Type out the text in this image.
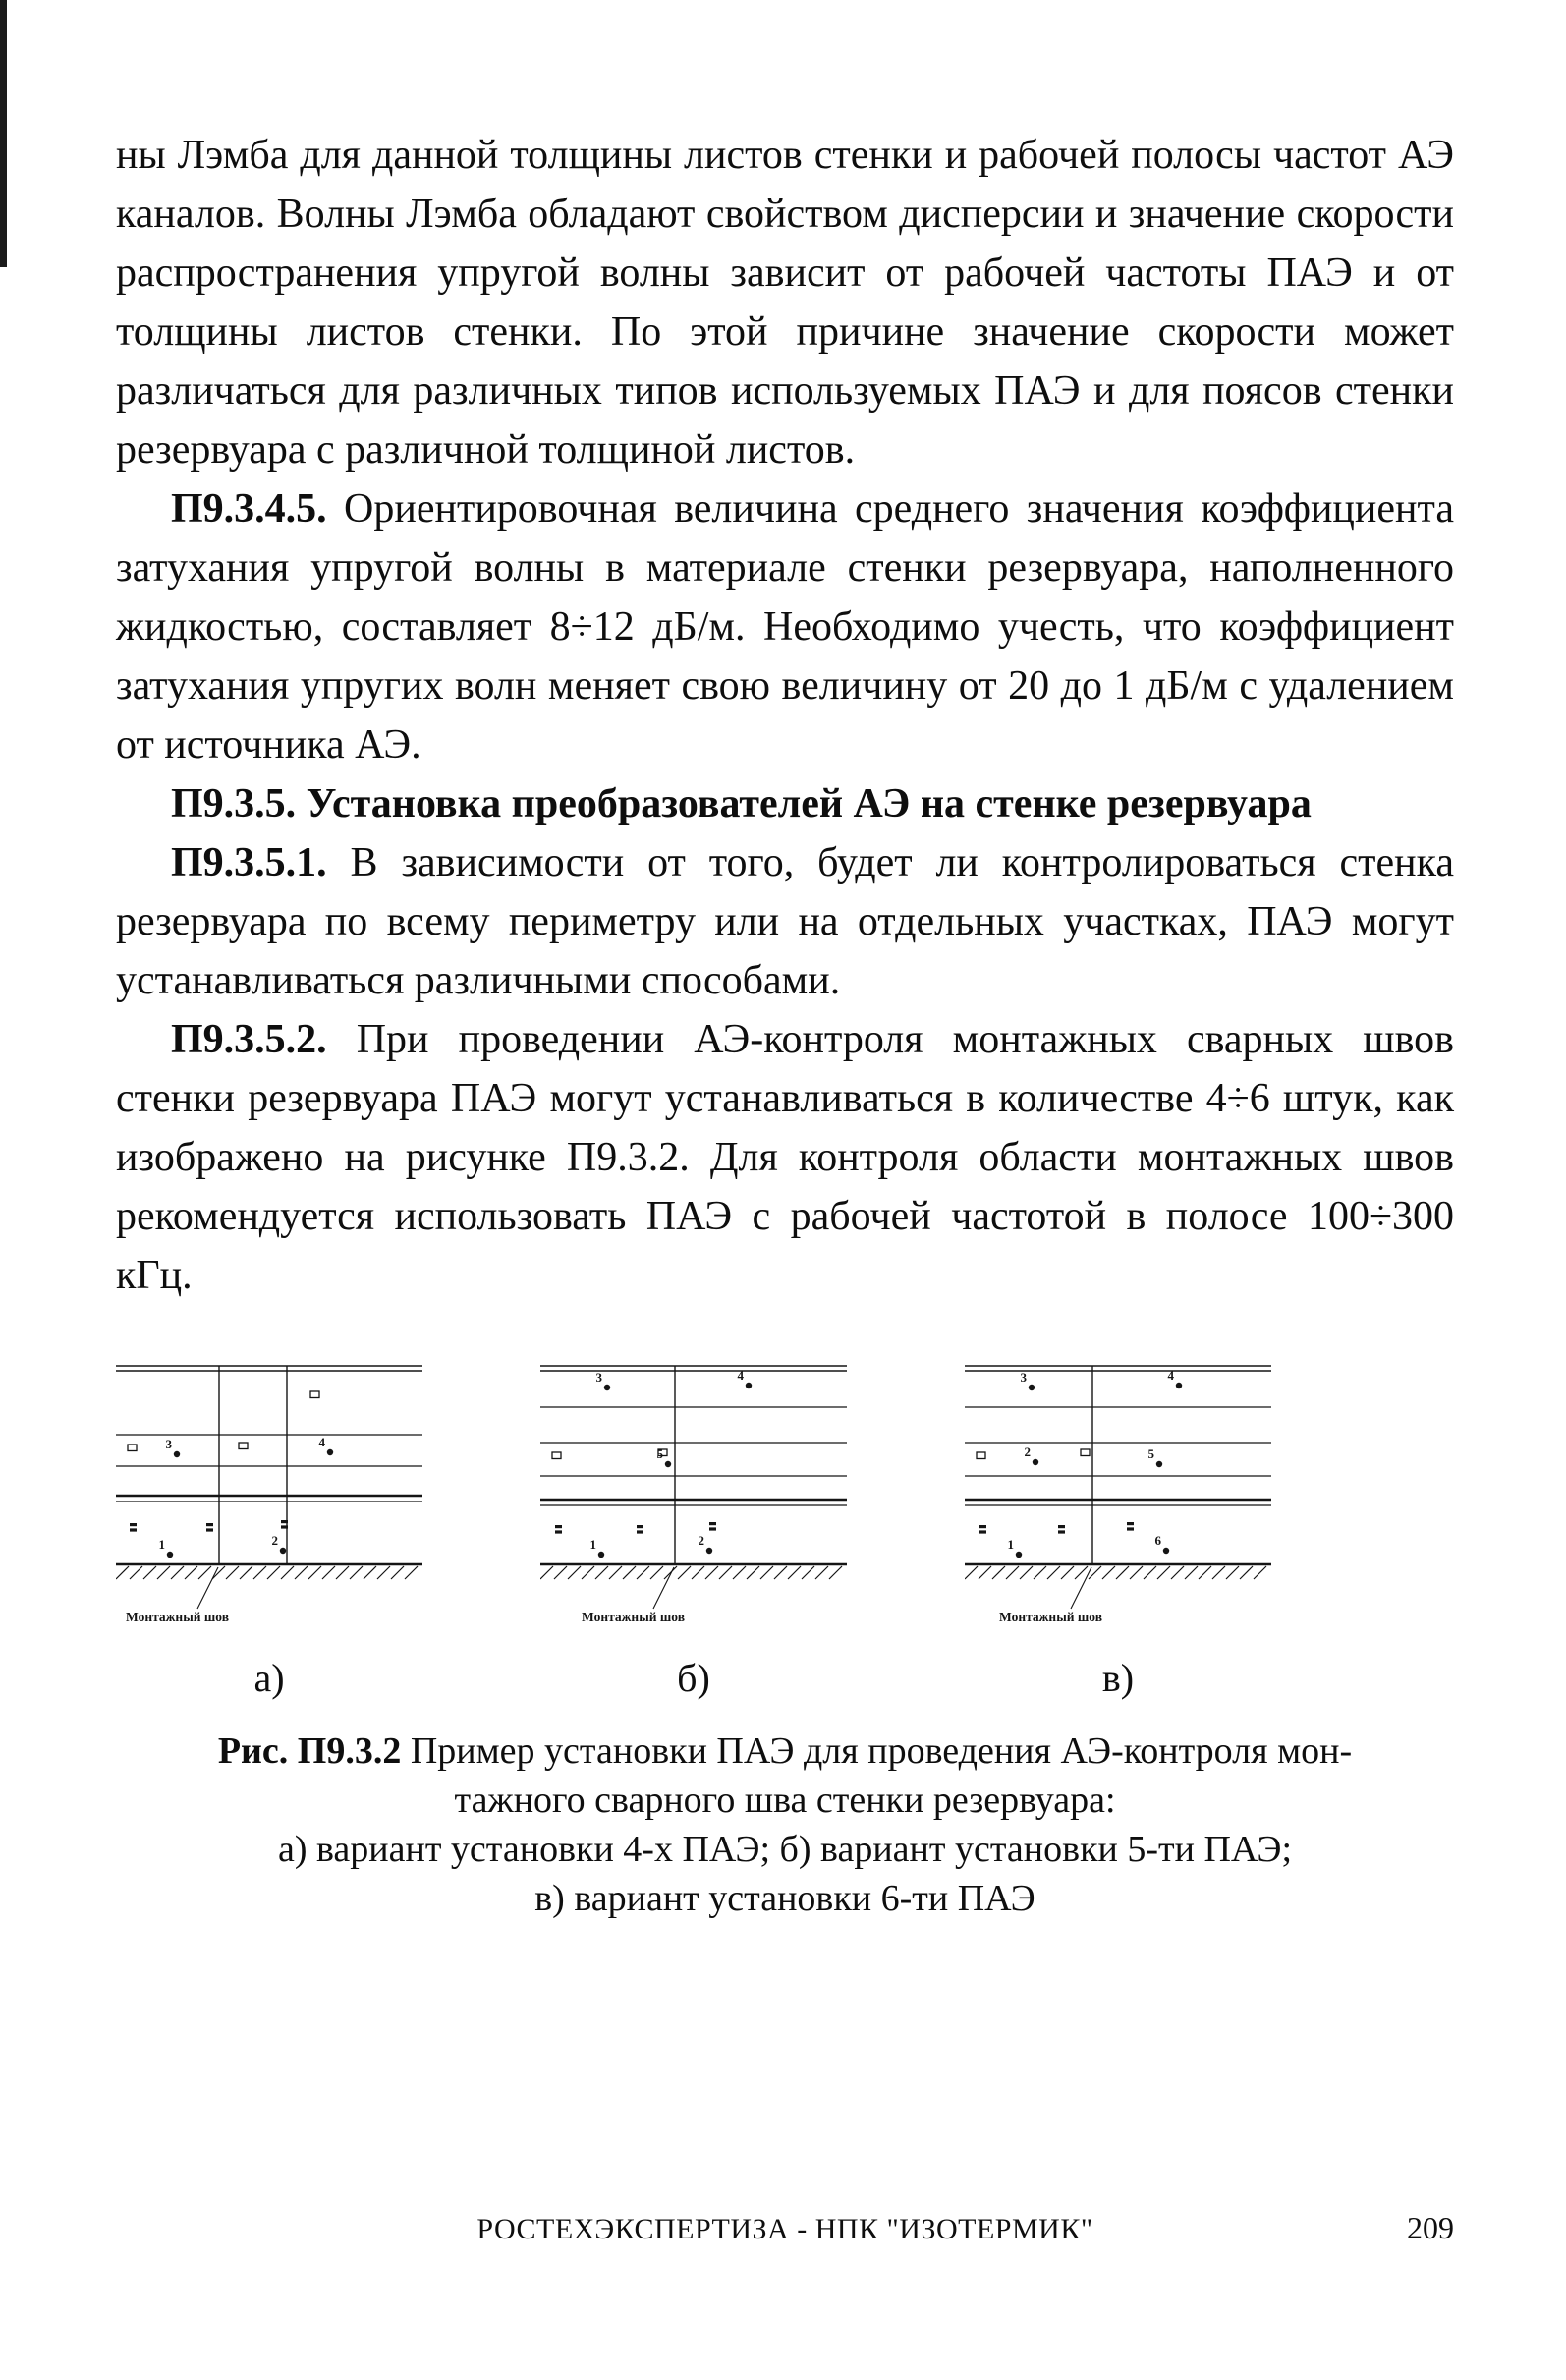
ны Лэмба для данной толщины листов стенки и рабочей полосы частот АЭ каналов. Волны Лэмба обладают свойством дисперсии и значение скорости распространения упругой волны зависит от рабочей частоты ПАЭ и от толщины листов стенки. По этой причине значение скорости может различаться для различных типов используемых ПАЭ и для поясов стенки резервуара с различной толщиной листов.

П9.3.4.5. Ориентировочная величина среднего значения коэффициента затухания упругой волны в материале стенки резервуара, наполненного жидкостью, составляет 8÷12 дБ/м. Необходимо учесть, что коэффициент затухания упругих волн меняет свою величину от 20 до 1 дБ/м с удалением от источника АЭ.

П9.3.5. Установка преобразователей АЭ на стенке резервуара

П9.3.5.1. В зависимости от того, будет ли контролироваться стенка резервуара по всему периметру или на отдельных участках, ПАЭ могут устанавливаться различными способами.

П9.3.5.2. При проведении АЭ-контроля монтажных сварных швов стенки резервуара ПАЭ могут устанавливаться в количестве 4÷6 штук, как изображено на рисунке П9.3.2. Для контроля области монтажных швов рекомендуется использовать ПАЭ с рабочей частотой в полосе 100÷300 кГц.

3	4
1	2
Монтажный шов
а)
3	4
5
1	2
Монтажный шов
б)
3	4
2	5
1	6
Монтажный шов
в)
Рис. П9.3.2 Пример установки ПАЭ для проведения АЭ-контроля мон-
тажного сварного шва стенки резервуара:
а) вариант установки 4-х ПАЭ; б) вариант установки 5-ти ПАЭ;
в) вариант установки 6-ти ПАЭ
РОСТЕХЭКСПЕРТИЗА - НПК "ИЗОТЕРМИК"	209
